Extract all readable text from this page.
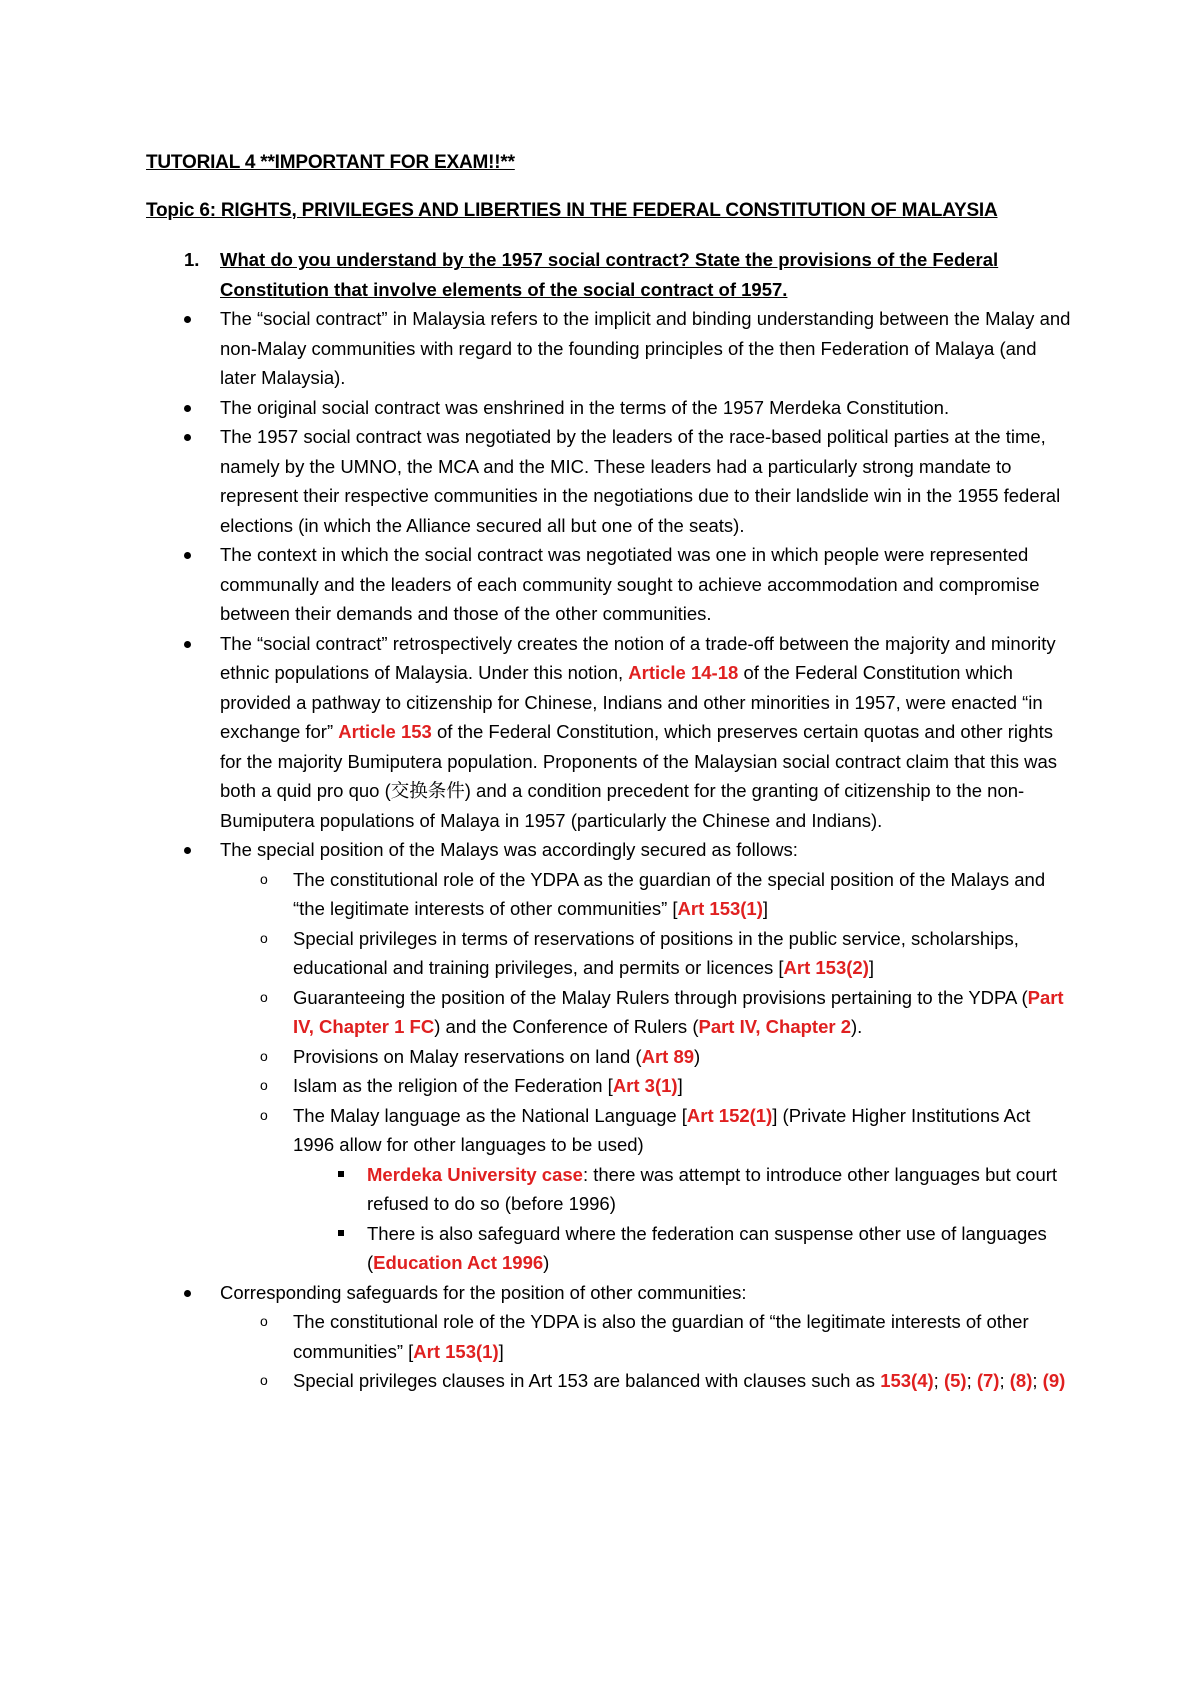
TUTORIAL 4 **IMPORTANT FOR EXAM!!**
Topic 6: RIGHTS, PRIVILEGES AND LIBERTIES IN THE FEDERAL CONSTITUTION OF MALAYSIA
1. What do you understand by the 1957 social contract? State the provisions of the Federal Constitution that involve elements of the social contract of 1957.
The “social contract” in Malaysia refers to the implicit and binding understanding between the Malay and non-Malay communities with regard to the founding principles of the then Federation of Malaya (and later Malaysia).
The original social contract was enshrined in the terms of the 1957 Merdeka Constitution.
The 1957 social contract was negotiated by the leaders of the race-based political parties at the time, namely by the UMNO, the MCA and the MIC. These leaders had a particularly strong mandate to represent their respective communities in the negotiations due to their landslide win in the 1955 federal elections (in which the Alliance secured all but one of the seats).
The context in which the social contract was negotiated was one in which people were represented communally and the leaders of each community sought to achieve accommodation and compromise between their demands and those of the other communities.
The “social contract” retrospectively creates the notion of a trade-off between the majority and minority ethnic populations of Malaysia. Under this notion, Article 14-18 of the Federal Constitution which provided a pathway to citizenship for Chinese, Indians and other minorities in 1957, were enacted “in exchange for” Article 153 of the Federal Constitution, which preserves certain quotas and other rights for the majority Bumiputera population. Proponents of the Malaysian social contract claim that this was both a quid pro quo (交换条件) and a condition precedent for the granting of citizenship to the non-Bumiputera populations of Malaya in 1957 (particularly the Chinese and Indians).
The special position of the Malays was accordingly secured as follows:
o The constitutional role of the YDPA as the guardian of the special position of the Malays and “the legitimate interests of other communities” [Art 153(1)]
o Special privileges in terms of reservations of positions in the public service, scholarships, educational and training privileges, and permits or licences [Art 153(2)]
o Guaranteeing the position of the Malay Rulers through provisions pertaining to the YDPA (Part IV, Chapter 1 FC) and the Conference of Rulers (Part IV, Chapter 2).
o Provisions on Malay reservations on land (Art 89)
o Islam as the religion of the Federation [Art 3(1)]
o The Malay language as the National Language [Art 152(1)] (Private Higher Institutions Act 1996 allow for other languages to be used)
Merdeka University case: there was attempt to introduce other languages but court refused to do so (before 1996)
There is also safeguard where the federation can suspense other use of languages (Education Act 1996)
Corresponding safeguards for the position of other communities:
o The constitutional role of the YDPA is also the guardian of “the legitimate interests of other communities” [Art 153(1)]
o Special privileges clauses in Art 153 are balanced with clauses such as 153(4); (5); (7); (8); (9)
